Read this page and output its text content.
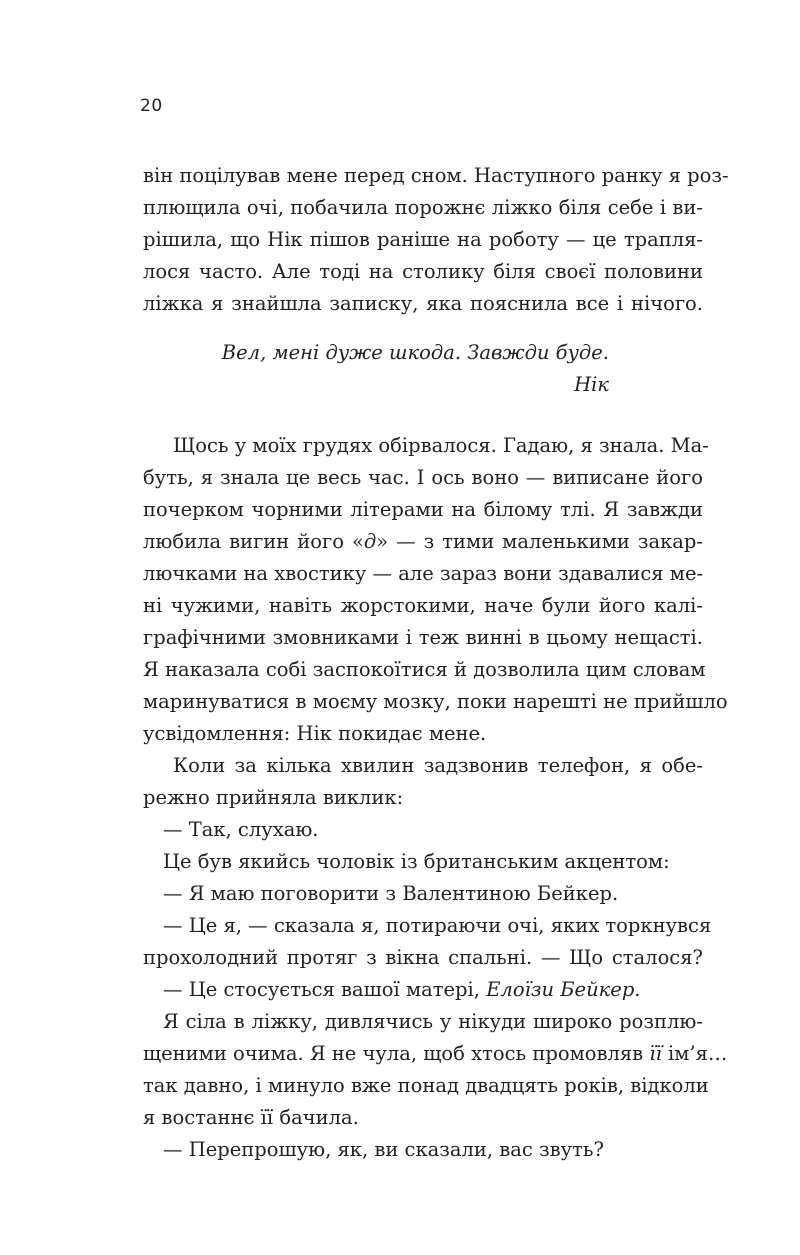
20
він поцілував мене перед сном. Наступного ранку я роз-
плющила очі, побачила порожнє ліжко біля себе і ви-
рішила, що Нік пішов раніше на роботу — це трапля-
лося часто. Але тоді на столику біля своєї половини
ліжка я знайшла записку, яка пояснила все і нічого.
Вел, мені дуже шкода. Завжди буде.
Нік
Щось у моїх грудях обірвалося. Гадаю, я знала. Ма-
буть, я знала це весь час. І ось воно — виписане його
почерком чорними літерами на білому тлі. Я завжди
любила вигин його «д» — з тими маленькими закар-
лючками на хвостику — але зараз вони здавалися ме-
ні чужими, навіть жорстокими, наче були його калі-
графічними змовниками і теж винні в цьому нещасті.
Я наказала собі заспокоїтися й дозволила цим словам
маринуватися в моєму мозку, поки нарешті не прийшло
усвідомлення: Нік покидає мене.
Коли за кілька хвилин задзвонив телефон, я обе-
режно прийняла виклик:
— Так, слухаю.
Це був якийсь чоловік із британським акцентом:
— Я маю поговорити з Валентиною Бейкер.
— Це я, — сказала я, потираючи очі, яких торкнувся
прохолодний протяг з вікна спальні. — Що сталося?
— Це стосується вашої матері, Елоїзи Бейкер.
Я сіла в ліжку, дивлячись у нікуди широко розплю-
щеними очима. Я не чула, щоб хтось промовляв її ім’я…
так давно, і минуло вже понад двадцять років, відколи
я востаннє її бачила.
— Перепрошую, як, ви сказали, вас звуть?
